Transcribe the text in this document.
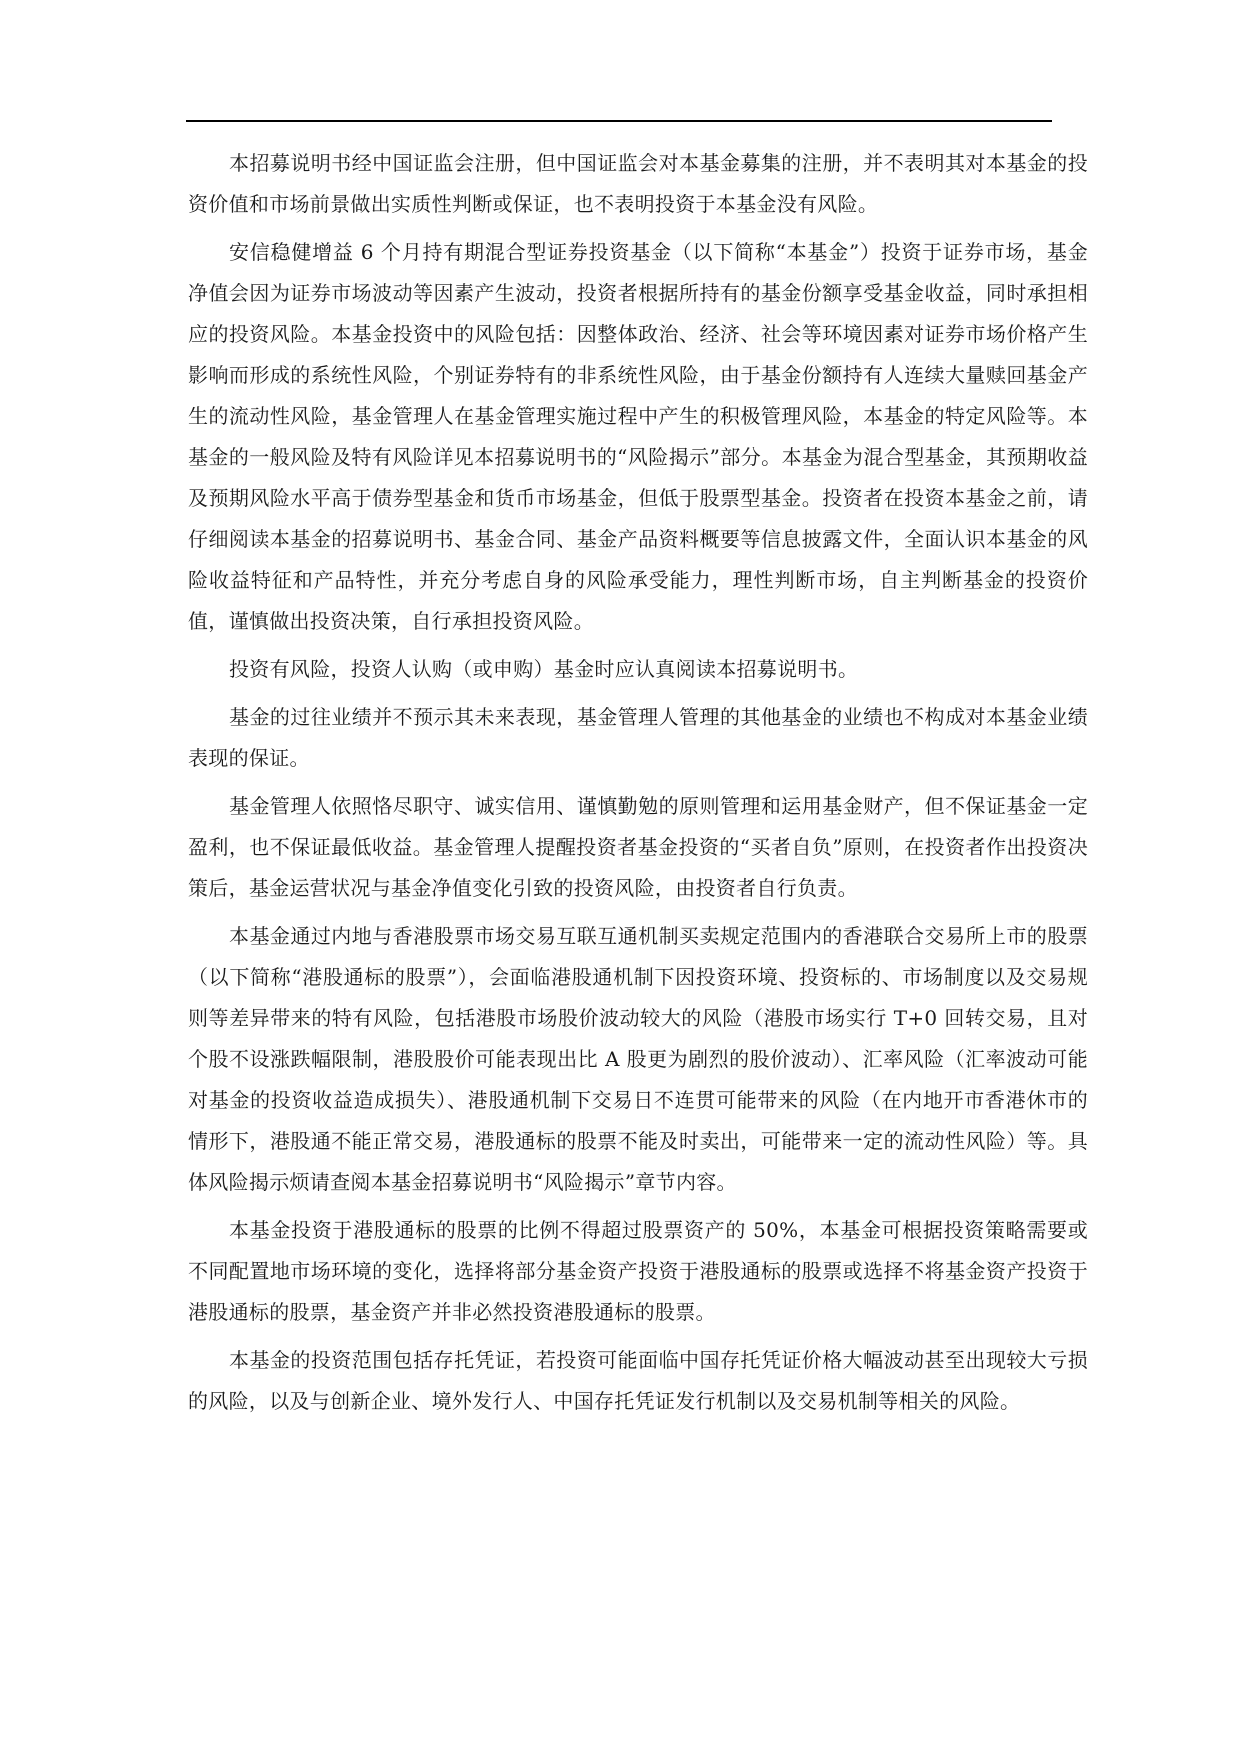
本招募说明书经中国证监会注册，但中国证监会对本基金募集的注册，并不表明其对本基金的投资价值和市场前景做出实质性判断或保证，也不表明投资于本基金没有风险。

安信稳健增益 6 个月持有期混合型证券投资基金（以下简称“本基金”）投资于证券市场，基金净值会因为证券市场波动等因素产生波动，投资者根据所持有的基金份额享受基金收益，同时承担相应的投资风险。本基金投资中的风险包括：因整体政治、经济、社会等环境因素对证券市场价格产生影响而形成的系统性风险，个别证券特有的非系统性风险，由于基金份额持有人连续大量赎回基金产生的流动性风险，基金管理人在基金管理实施过程中产生的积极管理风险，本基金的特定风险等。本基金的一般风险及特有风险详见本招募说明书的“风险揭示”部分。本基金为混合型基金，其预期收益及预期风险水平高于债券型基金和货币市场基金，但低于股票型基金。投资者在投资本基金之前，请仔细阅读本基金的招募说明书、基金合同、基金产品资料概要等信息披露文件，全面认识本基金的风险收益特征和产品特性，并充分考虑自身的风险承受能力，理性判断市场，自主判断基金的投资价值，谨慎做出投资决策，自行承担投资风险。

投资有风险，投资人认购（或申购）基金时应认真阅读本招募说明书。

基金的过往业绩并不预示其未来表现，基金管理人管理的其他基金的业绩也不构成对本基金业绩表现的保证。

基金管理人依照恪尽职守、诚实信用、谨慎勤勉的原则管理和运用基金财产，但不保证基金一定盈利，也不保证最低收益。基金管理人提醒投资者基金投资的“买者自负”原则，在投资者作出投资决策后，基金运营状况与基金净值变化引致的投资风险，由投资者自行负责。

本基金通过内地与香港股票市场交易互联互通机制买卖规定范围内的香港联合交易所上市的股票（以下简称“港股通标的股票”），会面临港股通机制下因投资环境、投资标的、市场制度以及交易规则等差异带来的特有风险，包括港股市场股价波动较大的风险（港股市场实行 T+0 回转交易，且对个股不设涨跌幅限制，港股股价可能表现出比 A 股更为剧烈的股价波动）、汇率风险（汇率波动可能对基金的投资收益造成损失）、港股通机制下交易日不连贯可能带来的风险（在内地开市香港休市的情形下，港股通不能正常交易，港股通标的股票不能及时卖出，可能带来一定的流动性风险）等。具体风险揭示烦请查阅本基金招募说明书“风险揭示”章节内容。

本基金投资于港股通标的股票的比例不得超过股票资产的 50%，本基金可根据投资策略需要或不同配置地市场环境的变化，选择将部分基金资产投资于港股通标的股票或选择不将基金资产投资于港股通标的股票，基金资产并非必然投资港股通标的股票。

本基金的投资范围包括存托凭证，若投资可能面临中国存托凭证价格大幅波动甚至出现较大亏损的风险，以及与创新企业、境外发行人、中国存托凭证发行机制以及交易机制等相关的风险。
